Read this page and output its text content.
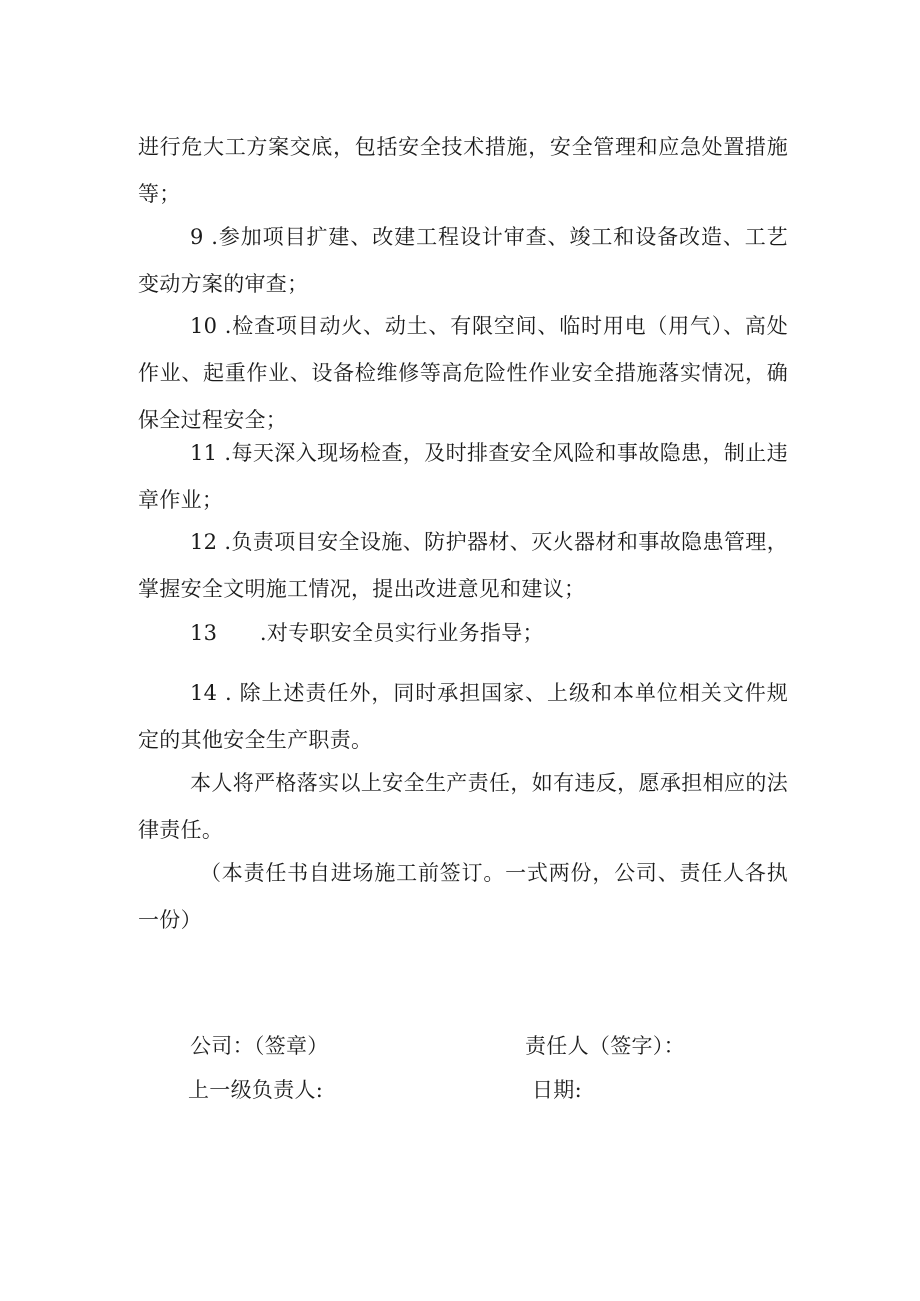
进行危大工方案交底，包括安全技术措施，安全管理和应急处置措施等；

9 .参加项目扩建、改建工程设计审查、竣工和设备改造、工艺变动方案的审查；

10 .检查项目动火、动土、有限空间、临时用电（用气）、高处作业、起重作业、设备检维修等高危险性作业安全措施落实情况，确保全过程安全；

11 .每天深入现场检查，及时排查安全风险和事故隐患，制止违章作业；

12 .负责项目安全设施、防护器材、灭火器材和事故隐患管理，掌握安全文明施工情况，提出改进意见和建议；

13　　.对专职安全员实行业务指导；

14 . 除上述责任外，同时承担国家、上级和本单位相关文件规定的其他安全生产职责。

本人将严格落实以上安全生产责任，如有违反，愿承担相应的法律责任。

（本责任书自进场施工前签订。一式两份，公司、责任人各执一份）

公司：（签章）	责任人（签字）：
上一级负责人:	日期:
